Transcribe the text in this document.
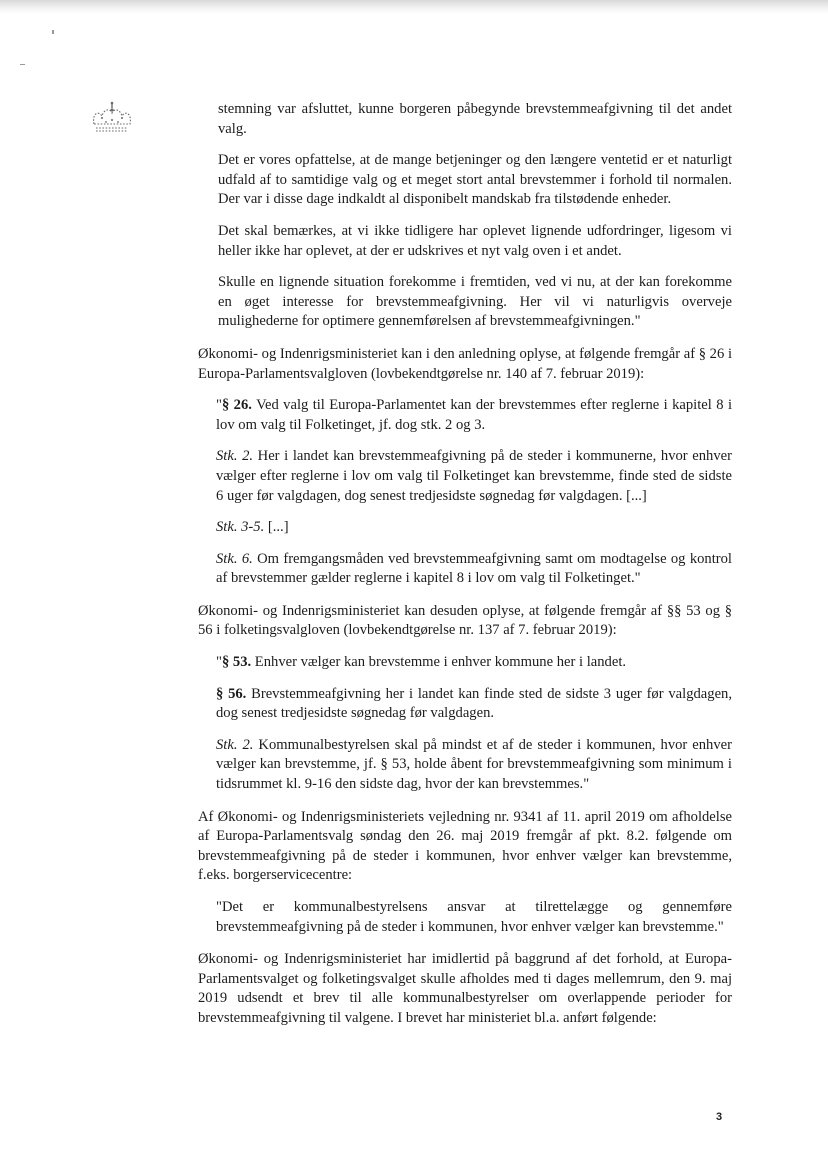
stemning var afsluttet, kunne borgeren påbegynde brevstemmeafgivning til det andet valg.

Det er vores opfattelse, at de mange betjeninger og den længere ventetid er et naturligt udfald af to samtidige valg og et meget stort antal brevstemmer i forhold til normalen. Der var i disse dage indkaldt al disponibelt mandskab fra tilstødende enheder.

Det skal bemærkes, at vi ikke tidligere har oplevet lignende udfordringer, ligesom vi heller ikke har oplevet, at der er udskrives et nyt valg oven i et andet.

Skulle en lignende situation forekomme i fremtiden, ved vi nu, at der kan forekomme en øget interesse for brevstemmeafgivning. Her vil vi naturligvis overveje mulighederne for optimere gennemførelsen af brevstemmeafgivningen."

Økonomi- og Indenrigsministeriet kan i den anledning oplyse, at følgende fremgår af § 26 i Europa-Parlamentsvalgloven (lovbekendtgørelse nr. 140 af 7. februar 2019):

"§ 26. Ved valg til Europa-Parlamentet kan der brevstemmes efter reglerne i kapitel 8 i lov om valg til Folketinget, jf. dog stk. 2 og 3.

Stk. 2. Her i landet kan brevstemmeafgivning på de steder i kommunerne, hvor enhver vælger efter reglerne i lov om valg til Folketinget kan brevstemme, finde sted de sidste 6 uger før valgdagen, dog senest tredjesidste søgnedag før valgdagen. [...]

Stk. 3-5. [...]

Stk. 6. Om fremgangsmåden ved brevstemmeafgivning samt om modtagelse og kontrol af brevstemmer gælder reglerne i kapitel 8 i lov om valg til Folketinget."

Økonomi- og Indenrigsministeriet kan desuden oplyse, at følgende fremgår af §§ 53 og § 56 i folketingsvalgloven (lovbekendtgørelse nr. 137 af 7. februar 2019):

"§ 53. Enhver vælger kan brevstemme i enhver kommune her i landet.

§ 56. Brevstemmeafgivning her i landet kan finde sted de sidste 3 uger før valgdagen, dog senest tredjesidste søgnedag før valgdagen.

Stk. 2. Kommunalbestyrelsen skal på mindst et af de steder i kommunen, hvor enhver vælger kan brevstemme, jf. § 53, holde åbent for brevstemmeafgivning som minimum i tidsrummet kl. 9-16 den sidste dag, hvor der kan brevstemmes."

Af Økonomi- og Indenrigsministeriets vejledning nr. 9341 af 11. april 2019 om afholdelse af Europa-Parlamentsvalg søndag den 26. maj 2019 fremgår af pkt. 8.2. følgende om brevstemmeafgivning på de steder i kommunen, hvor enhver vælger kan brevstemme, f.eks. borgerservicecentre:

"Det er kommunalbestyrelsens ansvar at tilrettelægge og gennemføre brevstemmeafgivning på de steder i kommunen, hvor enhver vælger kan brevstemme."

Økonomi- og Indenrigsministeriet har imidlertid på baggrund af det forhold, at Europa-Parlamentsvalget og folketingsvalget skulle afholdes med ti dages mellemrum, den 9. maj 2019 udsendt et brev til alle kommunalbestyrelser om overlappende perioder for brevstemmeafgivning til valgene. I brevet har ministeriet bl.a. anført følgende:

3
